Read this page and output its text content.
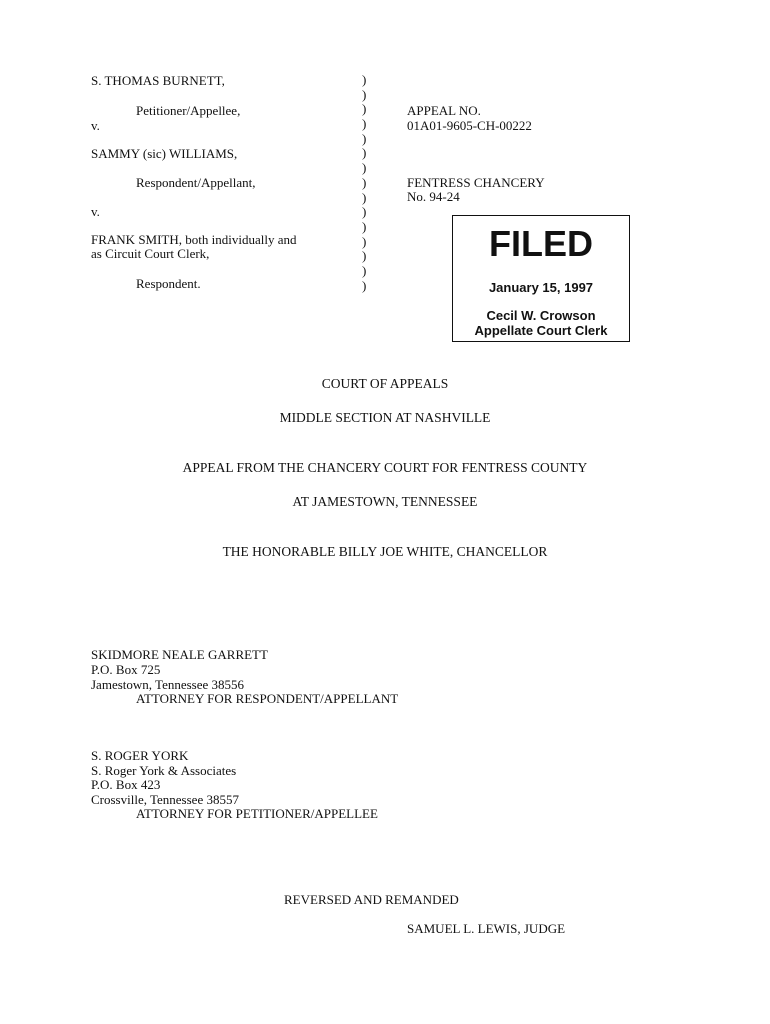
S. THOMAS BURNETT,
Petitioner/Appellee,
v.
SAMMY (sic) WILLIAMS,
Respondent/Appellant,
v.
FRANK SMITH, both individually and
as Circuit Court Clerk,
Respondent.
)
)
)
)
)
)
)
)
)
)
)
)
)
)
)
APPEAL NO.
01A01-9605-CH-00222
FENTRESS CHANCERY
No. 94-24
FILED
January 15, 1997
Cecil W. Crowson
Appellate Court Clerk
COURT OF APPEALS
MIDDLE SECTION AT NASHVILLE
APPEAL FROM THE CHANCERY COURT FOR FENTRESS COUNTY
AT JAMESTOWN, TENNESSEE
THE HONORABLE BILLY JOE WHITE, CHANCELLOR
SKIDMORE NEALE GARRETT
P.O. Box 725
Jamestown, Tennessee 38556
ATTORNEY FOR RESPONDENT/APPELLANT
S. ROGER YORK
S. Roger York & Associates
P.O. Box 423
Crossville, Tennessee 38557
ATTORNEY FOR PETITIONER/APPELLEE
REVERSED AND REMANDED
SAMUEL L. LEWIS, JUDGE
